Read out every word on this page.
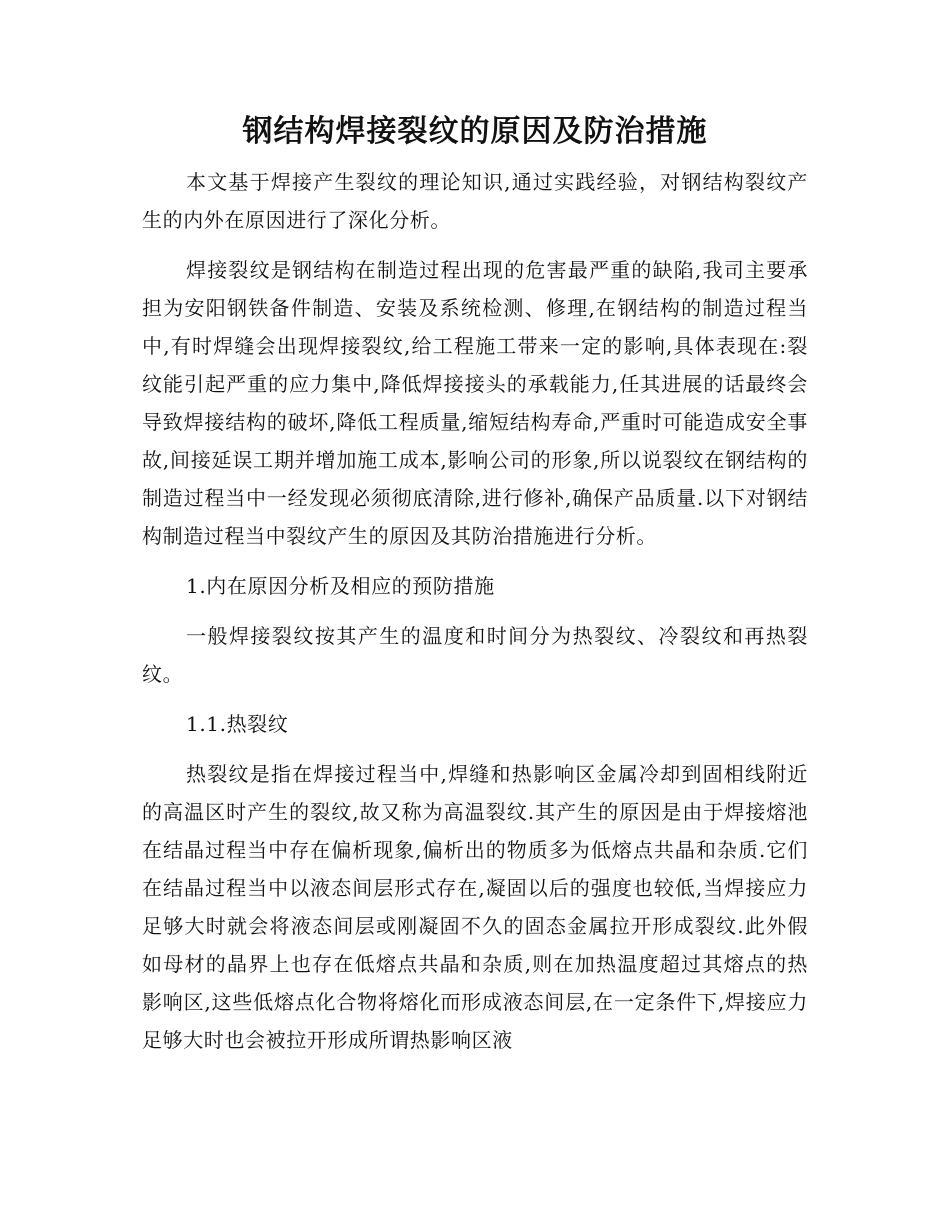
钢结构焊接裂纹的原因及防治措施

本文基于焊接产生裂纹的理论知识,通过实践经验，对钢结构裂纹产生的内外在原因进行了深化分析。

焊接裂纹是钢结构在制造过程出现的危害最严重的缺陷,我司主要承担为安阳钢铁备件制造、安装及系统检测、修理,在钢结构的制造过程当中,有时焊缝会出现焊接裂纹,给工程施工带来一定的影响,具体表现在:裂纹能引起严重的应力集中,降低焊接接头的承载能力,任其进展的话最终会导致焊接结构的破坏,降低工程质量,缩短结构寿命,严重时可能造成安全事故,间接延误工期并增加施工成本,影响公司的形象,所以说裂纹在钢结构的制造过程当中一经发现必须彻底清除,进行修补,确保产品质量.以下对钢结构制造过程当中裂纹产生的原因及其防治措施进行分析。

1.内在原因分析及相应的预防措施

一般焊接裂纹按其产生的温度和时间分为热裂纹、冷裂纹和再热裂纹。

1.1.热裂纹

热裂纹是指在焊接过程当中,焊缝和热影响区金属冷却到固相线附近的高温区时产生的裂纹,故又称为高温裂纹.其产生的原因是由于焊接熔池在结晶过程当中存在偏析现象,偏析出的物质多为低熔点共晶和杂质.它们在结晶过程当中以液态间层形式存在,凝固以后的强度也较低,当焊接应力足够大时就会将液态间层或刚凝固不久的固态金属拉开形成裂纹.此外假如母材的晶界上也存在低熔点共晶和杂质,则在加热温度超过其熔点的热影响区,这些低熔点化合物将熔化而形成液态间层,在一定条件下,焊接应力足够大时也会被拉开形成所谓热影响区液
